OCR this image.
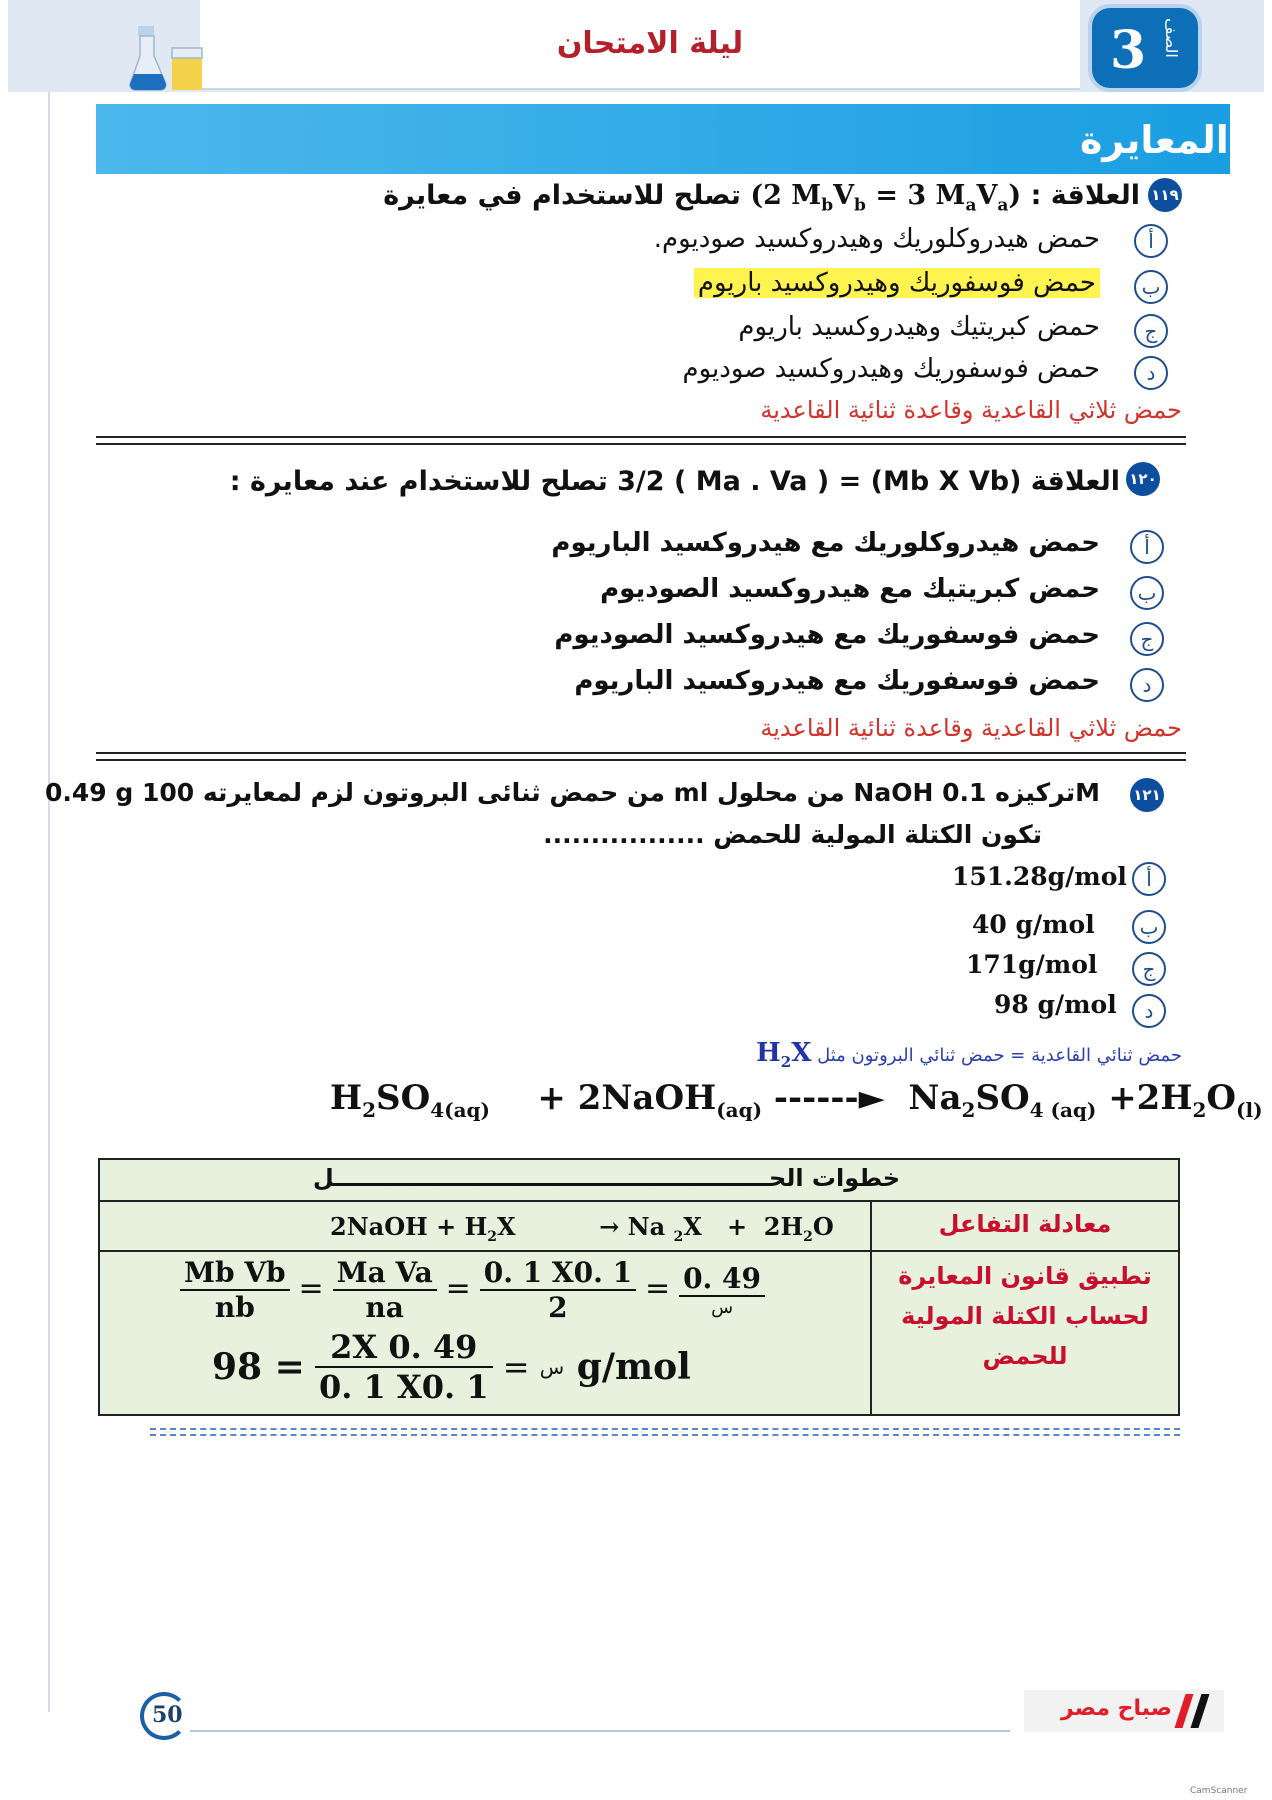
ليلة الامتحان	3 الصف
المعايرة
١١٩
العلاقة : (2 $M_bV_b = 3$ $M_aV_a$) تصلح للاستخدام في معايرة
أ
حمض هيدروكلوريك وهيدروكسيد صوديوم.
ب
حمض فوسفوريك وهيدروكسيد باريوم
ج
حمض كبريتيك وهيدروكسيد باريوم
د
حمض فوسفوريك وهيدروكسيد صوديوم
حمض ثلاثي القاعدية وقاعدة ثنائية القاعدية
١٢٠
العلاقة (Mb X Vb) = ( Ma . Va ) 3/2 تصلح للاستخدام عند معايرة :
أ
حمض هيدروكلوريك مع هيدروكسيد الباريوم
ب
حمض كبريتيك مع هيدروكسيد الصوديوم
ج
حمض فوسفوريك مع هيدروكسيد الصوديوم
د
حمض فوسفوريك مع هيدروكسيد الباريوم
حمض ثلاثي القاعدية وقاعدة ثنائية القاعدية
١٢١
0.49 g من حمض ثنائى البروتون لزم لمعايرته 100 ml من محلول NaOH تركيزه 0.1M
تكون الكتلة المولية للحمض .................
أ
151.28g/mol
ب
40 g/mol
ج
171g/mol
د
98 g/mol
حمض ثنائي القاعدية = حمض ثنائي البروتون مثل $H_2X$
$H_2SO_{4(aq)}$    + 2NaOH$_{(aq)}$ ------►  $Na_2SO_{4 (aq)} +2H_2O_{(l)}$
خطوات الحـــــــــــــــــــــــــــــــــــــــــــــــــــــل
معادلة التفاعل
2NaOH + $H_2X$          → Na $_2X + 2H_2O$
تطبيق قانون المعايرة
لحساب الكتلة المولية
للحمض
$\frac{\text{Mb Vb}}{nb} = \frac{\text{Ma Va}}{na} = \frac{0. 1 X0. 1}{2} = \frac{0. 49}{\text{س}}$
س =
$\frac{2X 0. 49}{0. 1 X0. 1}$
= 98 g/mol
50	صباح مصر
CamScanner
